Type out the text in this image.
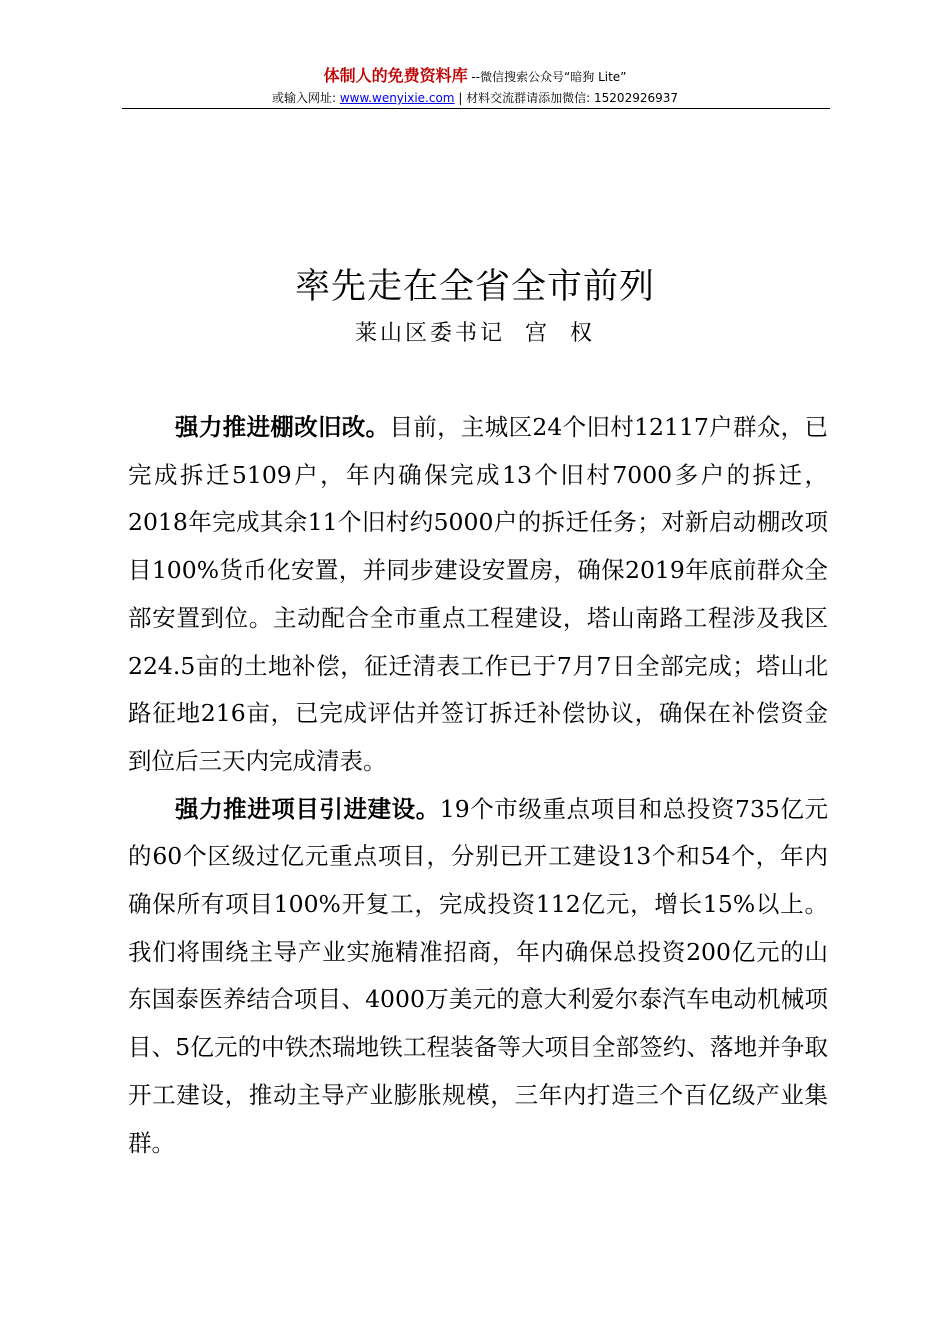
体制人的免费资料库 --微信搜索公众号“暗狗 Lite”
或输入网址: www.wenyixie.com | 材料交流群请添加微信: 15202926937
率先走在全省全市前列
莱山区委书记  宫  权

强力推进棚改旧改。目前，主城区24个旧村12117户群众，已完成拆迁5109户，年内确保完成13个旧村7000多户的拆迁，2018年完成其余11个旧村约5000户的拆迁任务；对新启动棚改项目100%货币化安置，并同步建设安置房，确保2019年底前群众全部安置到位。主动配合全市重点工程建设，塔山南路工程涉及我区224.5亩的土地补偿，征迁清表工作已于7月7日全部完成；塔山北路征地216亩，已完成评估并签订拆迁补偿协议，确保在补偿资金到位后三天内完成清表。

强力推进项目引进建设。19个市级重点项目和总投资735亿元的60个区级过亿元重点项目，分别已开工建设13个和54个，年内确保所有项目100%开复工，完成投资112亿元，增长15%以上。我们将围绕主导产业实施精准招商，年内确保总投资200亿元的山东国泰医养结合项目、4000万美元的意大利爱尔泰汽车电动机械项目、5亿元的中铁杰瑞地铁工程装备等大项目全部签约、落地并争取开工建设，推动主导产业膨胀规模，三年内打造三个百亿级产业集群。
